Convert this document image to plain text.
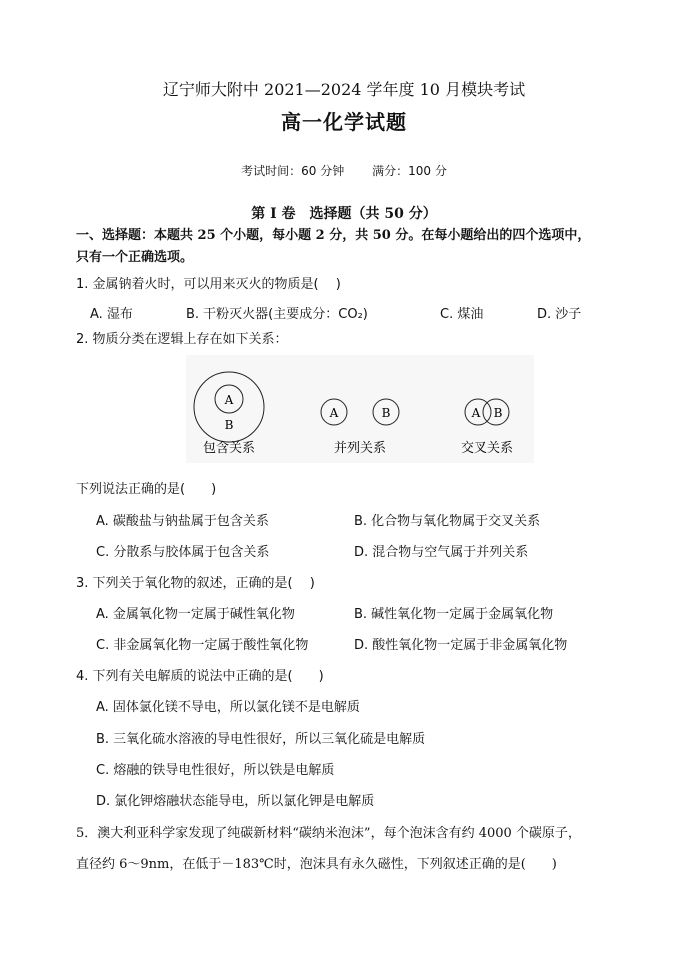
辽宁师大附中 2021—2024 学年度 10 月模块考试
高一化学试题
考试时间：60 分钟 满分：100 分
第 Ⅰ 卷　选择题（共 50 分）
一、选择题：本题共 25 个小题，每小题 2 分，共 50 分。在每小题给出的四个选项中，
只有一个正确选项。
1. 金属钠着火时，可以用来灭火的物质是(　 )
A. 湿布	B. 干粉灭火器(主要成分：CO₂)	C. 煤油	D. 沙子
2. 物质分类在逻辑上存在如下关系：
A
B
包含关系
A	B
并列关系
A B
交叉关系
下列说法正确的是(　　)
A. 碳酸盐与钠盐属于包含关系	B. 化合物与氧化物属于交叉关系
C. 分散系与胶体属于包含关系	D. 混合物与空气属于并列关系
3. 下列关于氧化物的叙述，正确的是(　 )
A. 金属氧化物一定属于碱性氧化物	B. 碱性氧化物一定属于金属氧化物
C. 非金属氧化物一定属于酸性氧化物	D. 酸性氧化物一定属于非金属氧化物
4. 下列有关电解质的说法中正确的是(　　)
A. 固体氯化镁不导电，所以氯化镁不是电解质
B. 三氧化硫水溶液的导电性很好，所以三氧化硫是电解质
C. 熔融的铁导电性很好，所以铁是电解质
D. 氯化钾熔融状态能导电，所以氯化钾是电解质
5．澳大利亚科学家发现了纯碳新材料“碳纳米泡沫”，每个泡沫含有约 4000 个碳原子，
直径约 6～9nm，在低于－183℃时，泡沫具有永久磁性，下列叙述正确的是(　　)
